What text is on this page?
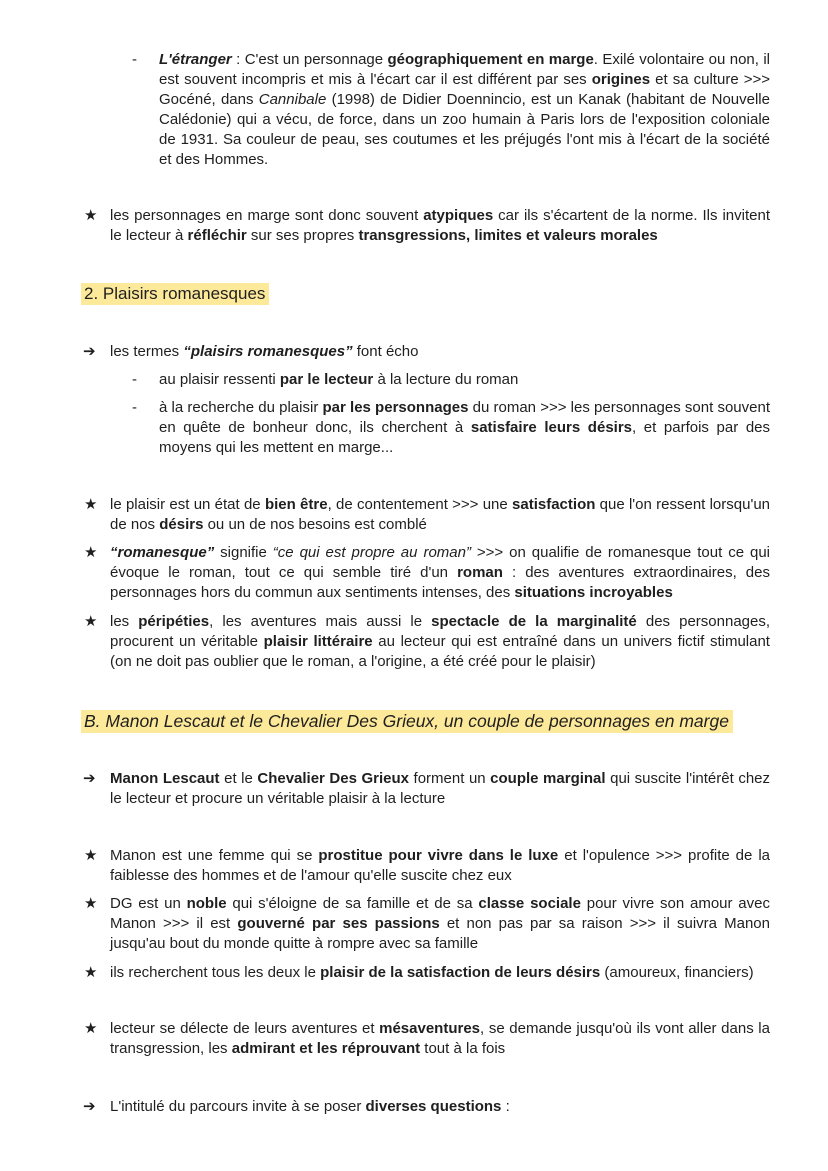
- L'étranger : C'est un personnage géographiquement en marge. Exilé volontaire ou non, il est souvent incompris et mis à l'écart car il est différent par ses origines et sa culture >>> Gocéné, dans Cannibale (1998) de Didier Doennincio, est un Kanak (habitant de Nouvelle Calédonie) qui a vécu, de force, dans un zoo humain à Paris lors de l'exposition coloniale de 1931. Sa couleur de peau, ses coutumes et les préjugés l'ont mis à l'écart de la société et des Hommes.
★ les personnages en marge sont donc souvent atypiques car ils s'écartent de la norme. Ils invitent le lecteur à réfléchir sur ses propres transgressions, limites et valeurs morales
2. Plaisirs romanesques
➔ les termes “plaisirs romanesques” font écho
- au plaisir ressenti par le lecteur à la lecture du roman
- à la recherche du plaisir par les personnages du roman >>> les personnages sont souvent en quête de bonheur donc, ils cherchent à satisfaire leurs désirs, et parfois par des moyens qui les mettent en marge...
★ le plaisir est un état de bien être, de contentement >>> une satisfaction que l'on ressent lorsqu'un de nos désirs ou un de nos besoins est comblé
★ “romanesque” signifie “ce qui est propre au roman” >>> on qualifie de romanesque tout ce qui évoque le roman, tout ce qui semble tiré d'un roman : des aventures extraordinaires, des personnages hors du commun aux sentiments intenses, des situations incroyables
★ les péripéties, les aventures mais aussi le spectacle de la marginalité des personnages, procurent un véritable plaisir littéraire au lecteur qui est entraîné dans un univers fictif stimulant (on ne doit pas oublier que le roman, a l'origine, a été créé pour le plaisir)
B. Manon Lescaut et le Chevalier Des Grieux, un couple de personnages en marge
➔ Manon Lescaut et le Chevalier Des Grieux forment un couple marginal qui suscite l'intérêt chez le lecteur et procure un véritable plaisir à la lecture
★ Manon est une femme qui se prostitue pour vivre dans le luxe et l'opulence >>> profite de la faiblesse des hommes et de l'amour qu'elle suscite chez eux
★ DG est un noble qui s'éloigne de sa famille et de sa classe sociale pour vivre son amour avec Manon >>> il est gouverné par ses passions et non pas par sa raison >>> il suivra Manon jusqu'au bout du monde quitte à rompre avec sa famille
★ ils recherchent tous les deux le plaisir de la satisfaction de leurs désirs (amoureux, financiers)
★ lecteur se délecte de leurs aventures et mésaventures, se demande jusqu'où ils vont aller dans la transgression, les admirant et les réprouvant tout à la fois
➔ L'intitulé du parcours invite à se poser diverses questions :
